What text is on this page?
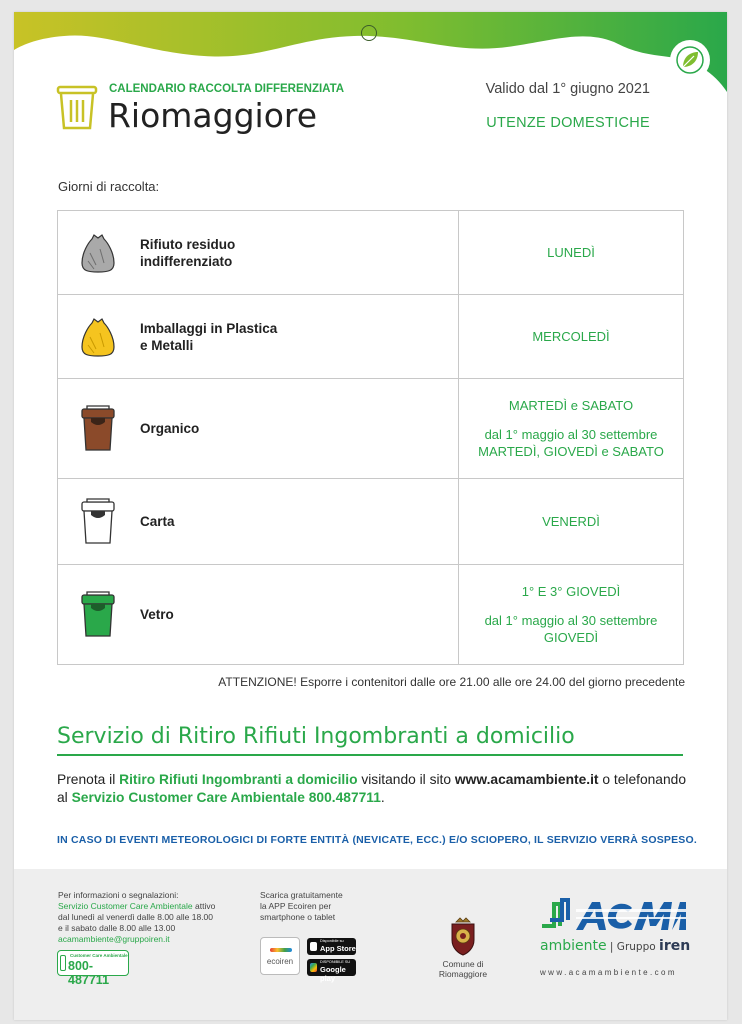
CALENDARIO RACCOLTA DIFFERENZIATA
Riomaggiore
Valido dal 1° giugno 2021
UTENZE DOMESTICHE
Giorni di raccolta:
Rifiuto residuo
indifferenziato	LUNEDÌ

Imballaggi in Plastica
e Metalli	MERCOLEDÌ

Organico	MARTEDÌ e SABATO
dal 1° maggio al 30 settembre
MARTEDÌ, GIOVEDÌ e SABATO

Carta	VENERDÌ

Vetro	1° E 3° GIOVEDÌ
dal 1° maggio al 30 settembre
GIOVEDÌ
ATTENZIONE! Esporre i contenitori dalle ore 21.00 alle ore 24.00 del giorno precedente
Servizio di Ritiro Rifiuti Ingombranti a domicilio
Prenota il Ritiro Rifiuti Ingombranti a domicilio visitando il sito www.acamambiente.it o telefonando al Servizio Customer Care Ambientale 800.487711.
IN CASO DI EVENTI METEOROLOGICI DI FORTE ENTITÀ (NEVICATE, ECC.) E/O SCIOPERO, IL SERVIZIO VERRÀ SOSPESO.
Per informazioni o segnalazioni:
Servizio Customer Care Ambientale attivo
dal lunedì al venerdì dalle 8.00 alle 18.00
e il sabato dalle 8.00 alle 13.00
acamambiente@gruppoiren.it
Customer Care Ambientale
800-487711
Scarica gratuitamente
la APP Ecoiren per
smartphone o tablet
ecoiren
Disponibile su
App Store
DISPONIBILE SU
Google play
Comune di
Riomaggiore
ambiente | Gruppo iren
www.acamambiente.com
